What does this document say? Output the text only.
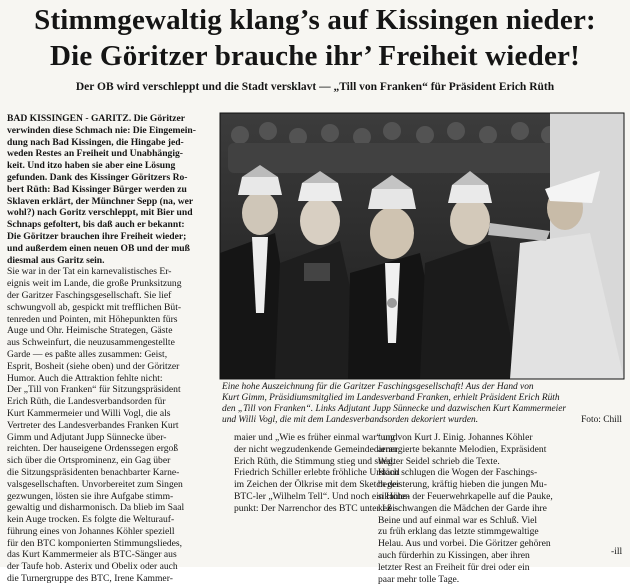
Stimmgewaltig klang’s auf Kissingen nieder:
Die Göritzer brauche ihr’ Freiheit wieder!
Der OB wird verschleppt und die Stadt versklavt — „Till von Franken“ für Präsident Erich Rüth
BAD KISSINGEN - GARITZ. Die Göritzer
verwinden diese Schmach nie: Die Eingemein-
dung nach Bad Kissingen, die Hingabe jed-
weden Restes an Freiheit und Unabhängig-
keit. Und itzo haben sie aber eine Lösung
gefunden. Dank des Kissinger Göritzers Ro-
bert Rüth: Bad Kissinger Bürger werden zu
Sklaven erklärt, der Münchner Sepp (na, wer
wohl?) nach Goritz verschleppt, mit Bier und
Schnaps gefoltert, bis daß auch er bekannt:
Die Göritzer brauchen ihre Freiheit wieder;
und außerdem einen neuen OB und der muß
diesmal aus Garitz sein.
Sie war in der Tat ein karnevalistisches Er-
eignis weit im Lande, die große Prunksitzung
der Garitzer Faschingsgesellschaft. Sie lief
schwungvoll ab, gespickt mit trefflichen Büt-
tenreden und Pointen, mit Höhepunkten fürs
Auge und Ohr. Heimische Strategen, Gäste
aus Schweinfurt, die neuzusammengestellte
Garde — es paßte alles zusammen: Geist,
Esprit, Bosheit (siehe oben) und der Göritzer
Humor. Auch die Attraktion fehlte nicht:
Der „Till von Franken“ für Sitzungspräsident
Erich Rüth, die Landesverbandsorden für
Kurt Kammermeier und Willi Vogl, die als
Vertreter des Landesverbandes Franken Kurt
Gimm und Adjutant Jupp Sünnecke über-
reichten. Der hauseigene Ordenssegen ergoß
sich über die Ortsprominenz, ein Gag über
die Sitzungspräsidenten benachbarter Karne-
valsgesellschaften. Unvorbereitet zum Singen
gezwungen, lösten sie ihre Aufgabe stimm-
gewaltig und disharmonisch. Da blieb im Saal
kein Auge trocken. Es folgte die Welturauf-
führung eines von Johannes Köhler speziell
für den BTC komponierten Stimmungsliedes,
das Kurt Kammermeier als BTC-Sänger aus
der Taufe hob. Asterix und Obelix oder auch
die Turnergruppe des BTC, Irene Kammer-
Eine hohe Auszeichnung für die Garitzer Faschingsgesellschaft! Aus der Hand von
Kurt Gimm, Präsidiumsmitglied im Landesverband Franken, erhielt Präsident Erich Rüth
den „Till von Franken“. Links Adjutant Jupp Sünnecke und dazwischen Kurt Kammermeier
und Willi Vogl, die mit dem Landesverbandsorden dekoriert wurden.	Foto: Chill
maier und „Wie es früher einmal war“ und
der nicht wegzudenkende Gemeindediener
Erich Rüth, die Stimmung stieg und stieg.
Friedrich Schiller erlebte fröhliche Urständ
im Zeichen der Ölkrise mit dem Sketch der
BTC-ler „Wilhelm Tell“. Und noch ein Höhe-
punkt: Der Narrenchor des BTC unter Lei-
tung von Kurt J. Einig. Johannes Köhler
arrangierte bekannte Melodien, Expräsident
Walter Seidel schrieb die Texte.
Hoch schlugen die Wogen der Faschings-
begeisterung, kräftig hieben die jungen Mu-
sikanten der Feuerwehrkapelle auf die Pauke,
keß schwangen die Mädchen der Garde ihre
Beine und auf einmal war es Schluß. Viel
zu früh erklang das letzte stimmgewaltige
Helau. Aus und vorbei. Die Göritzer gehören
auch fürderhin zu Kissingen, aber ihren
letzter Rest an Freiheit für drei oder ein
paar mehr tolle Tage.
-ill
